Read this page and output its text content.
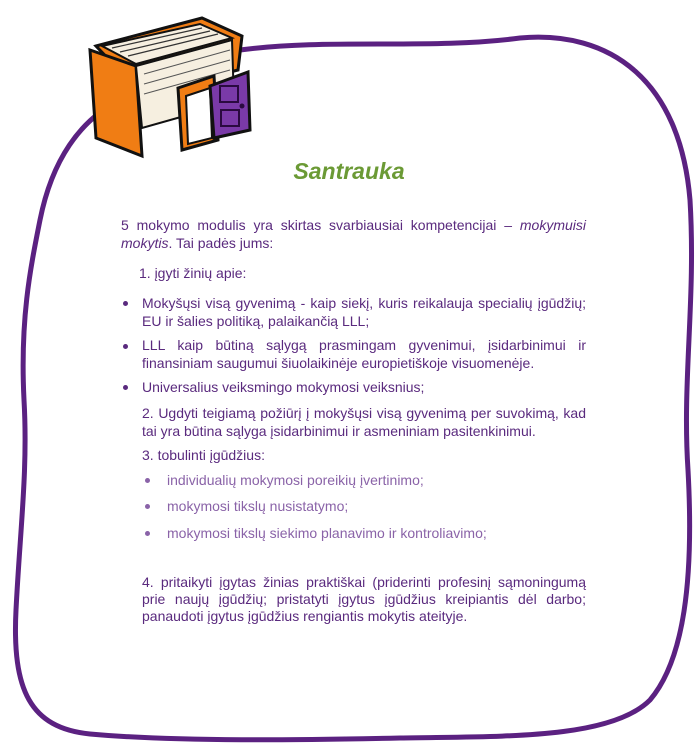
Santrauka
5 mokymo modulis yra skirtas svarbiausiai kompetencijai – mokymuisi mokytis. Tai padės jums:
1. įgyti žinių apie:
Mokyšųsi visą gyvenimą - kaip siekį, kuris reikalauja specialių įgūdžių; EU ir šalies politiką, palaikančią LLL;
LLL kaip būtiną sąlygą prasmingam gyvenimui, įsidarbinimui ir finansiniam saugumui šiuolaikinėje europietiškoje visuomenėje.
Universalius veiksmingo mokymosi veiksnius;
2. Ugdyti teigiamą požiūrį į mokyšųsi visą gyvenimą per suvokimą, kad tai yra būtina sąlyga įsidarbinimui ir asmeniniam pasitenkinimui.
3. tobulinti įgūdžius:
individualių mokymosi poreikių įvertinimo;
mokymosi tikslų nusistatymo;
mokymosi tikslų siekimo planavimo ir kontroliavimo;
4. pritaikyti įgytas žinias praktiškai (priderinti profesinį sąmoningumą prie naujų įgūdžių; pristatyti įgytus įgūdžius kreipiantis dėl darbo; panaudoti įgytus įgūdžius rengiantis mokytis ateityje.
